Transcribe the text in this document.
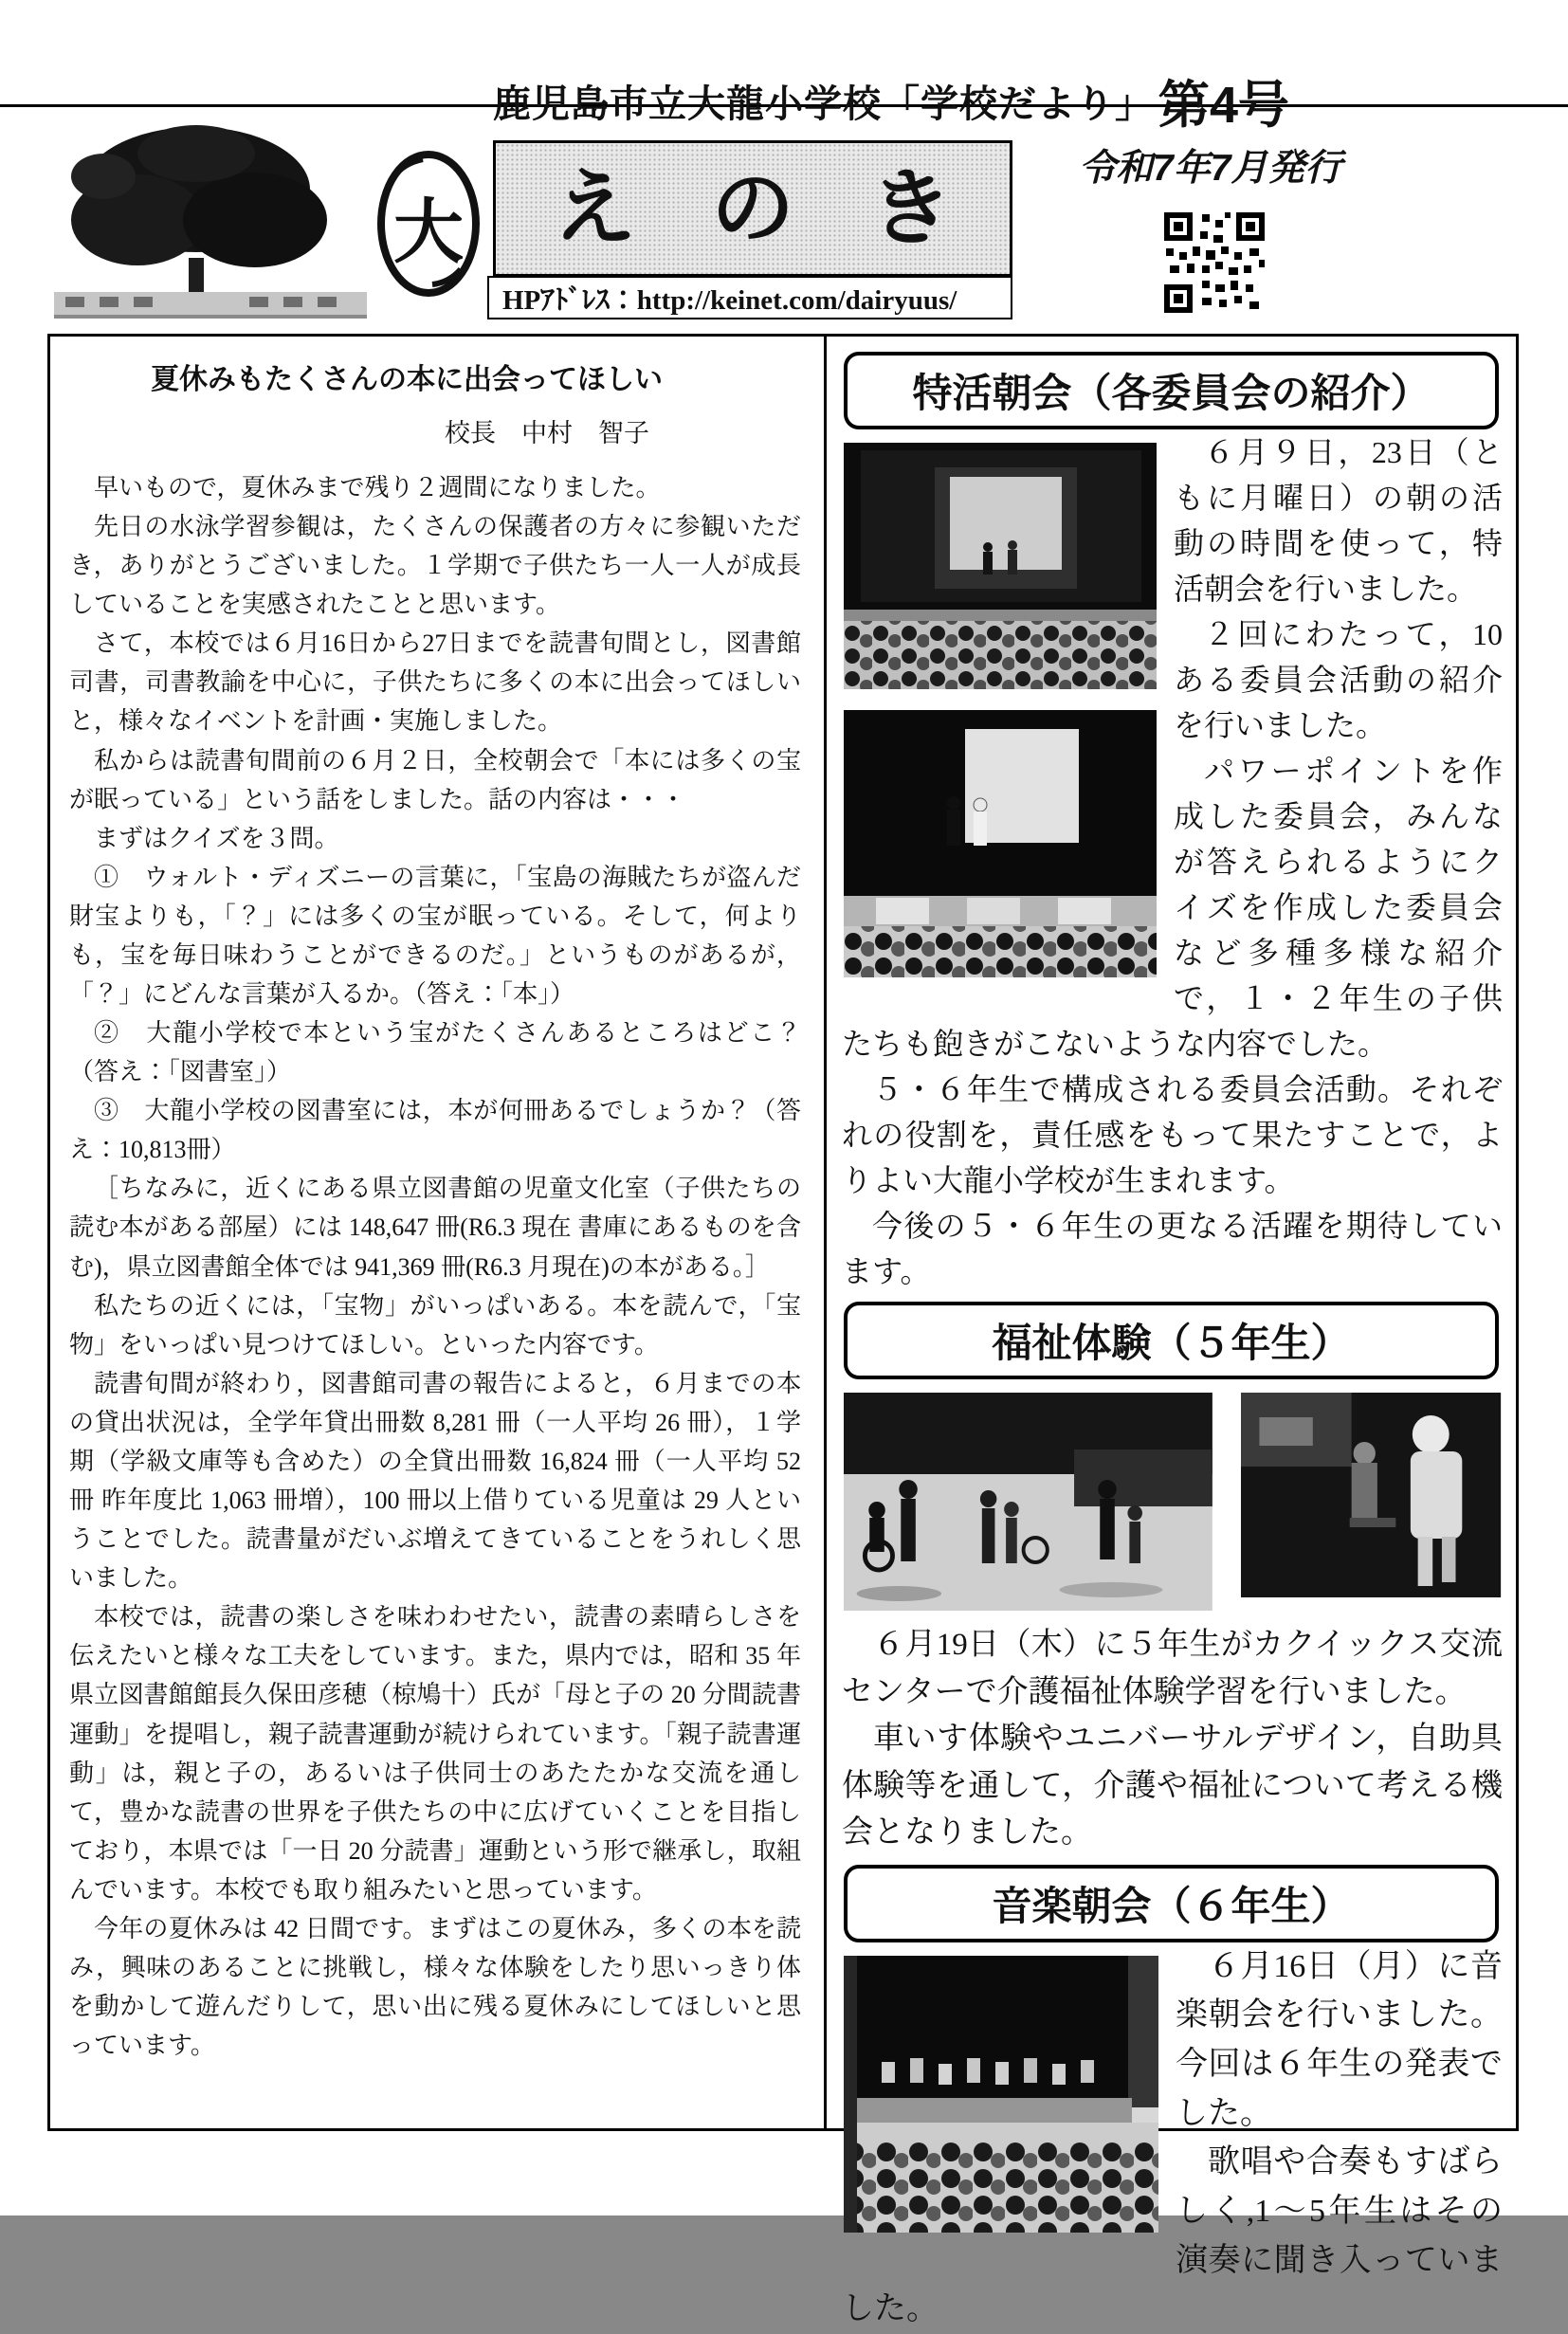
大
鹿児島市立大龍小学校「学校だより」
えのき
HPｱﾄﾞﾚｽ：http://keinet.com/dairyuus/
第4号
令和7年7月発行
夏休みもたくさんの本に出会ってほしい
校長　中村　智子

早いもので，夏休みまで残り２週間になりました。

先日の水泳学習参観は，たくさんの保護者の方々に参観いただき，ありがとうございました。１学期で子供たち一人一人が成長していることを実感されたことと思います。

さて，本校では６月16日から27日までを読書旬間とし，図書館司書，司書教諭を中心に，子供たちに多くの本に出会ってほしいと，様々なイベントを計画・実施しました。

私からは読書旬間前の６月２日，全校朝会で「本には多くの宝が眠っている」という話をしました。話の内容は・・・

まずはクイズを３問。

①　ウォルト・ディズニーの言葉に，「宝島の海賊たちが盗んだ財宝よりも，「？」には多くの宝が眠っている。そして，何よりも，宝を毎日味わうことができるのだ。」というものがあるが，「？」にどんな言葉が入るか。（答え：「本」）

②　大龍小学校で本という宝がたくさんあるところはどこ？（答え：「図書室」）

③　大龍小学校の図書室には，本が何冊あるでしょうか？（答え：10,813冊）

［ちなみに，近くにある県立図書館の児童文化室（子供たちの読む本がある部屋）には 148,647 冊(R6.3 現在 書庫にあるものを含む)，県立図書館全体では 941,369 冊(R6.3 月現在)の本がある。］

私たちの近くには，「宝物」がいっぱいある。本を読んで，「宝物」をいっぱい見つけてほしい。といった内容です。

読書旬間が終わり，図書館司書の報告によると，６月までの本の貸出状況は，全学年貸出冊数 8,281 冊（一人平均 26 冊），１学期（学級文庫等も含めた）の全貸出冊数 16,824 冊（一人平均 52 冊 昨年度比 1,063 冊増），100 冊以上借りている児童は 29 人ということでした。読書量がだいぶ増えてきていることをうれしく思いました。

本校では，読書の楽しさを味わわせたい，読書の素晴らしさを伝えたいと様々な工夫をしています。また，県内では，昭和 35 年県立図書館館長久保田彦穂（椋鳩十）氏が「母と子の 20 分間読書運動」を提唱し，親子読書運動が続けられています。「親子読書運動」は，親と子の，あるいは子供同士のあたたかな交流を通して，豊かな読書の世界を子供たちの中に広げていくことを目指しており，本県では「一日 20 分読書」運動という形で継承し，取組んでいます。本校でも取り組みたいと思っています。

今年の夏休みは 42 日間です。まずはこの夏休み，多くの本を読み，興味のあることに挑戦し，様々な体験をしたり思いっきり体を動かして遊んだりして，思い出に残る夏休みにしてほしいと思っています。

特活朝会（各委員会の紹介）

６月９日，23日（ともに月曜日）の朝の活動の時間を使って，特活朝会を行いました。

２回にわたって，10ある委員会活動の紹介を行いました。

パワーポイントを作成した委員会，みんなが答えられるようにクイズを作成した委員会など多種多様な紹介で，１・２年生の子供たちも飽きがこないような内容でした。

５・６年生で構成される委員会活動。それぞれの役割を，責任感をもって果たすことで，よりよい大龍小学校が生まれます。

今後の５・６年生の更なる活躍を期待しています。

福祉体験（５年生）

６月19日（木）に５年生がカクイックス交流センターで介護福祉体験学習を行いました。

車いす体験やユニバーサルデザイン，自助具体験等を通して，介護や福祉について考える機会となりました。

音楽朝会（６年生）

６月16日（月）に音楽朝会を行いました。今回は６年生の発表でした。

歌唱や合奏もすばらしく,1～5年生はその演奏に聞き入っていました。
